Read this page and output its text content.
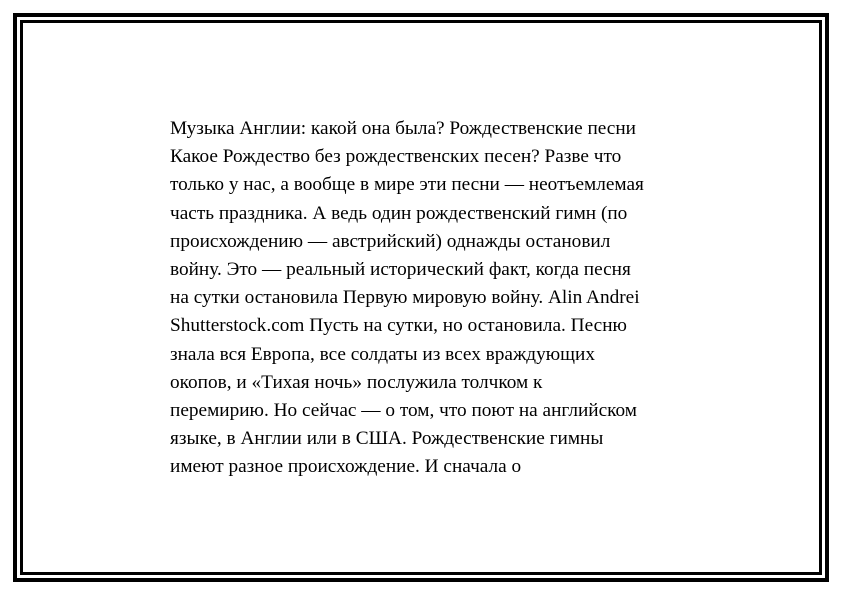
Музыка Англии: какой она была? Рождественские песни
Какое Рождество без рождественских песен? Разве что
только у нас, а вообще в мире эти песни — неотъемлемая
часть праздника. А ведь один рождественский гимн (по
происхождению — австрийский) однажды остановил
войну. Это — реальный исторический факт, когда песня
на сутки остановила Первую мировую войну. Alin Andrei
Shutterstock.com Пусть на сутки, но остановила. Песню
знала вся Европа, все солдаты из всех враждующих
окопов, и «Тихая ночь» послужила толчком к
перемирию. Но сейчас — о том, что поют на английском
языке, в Англии или в США. Рождественские гимны
имеют разное происхождение. И сначала о
